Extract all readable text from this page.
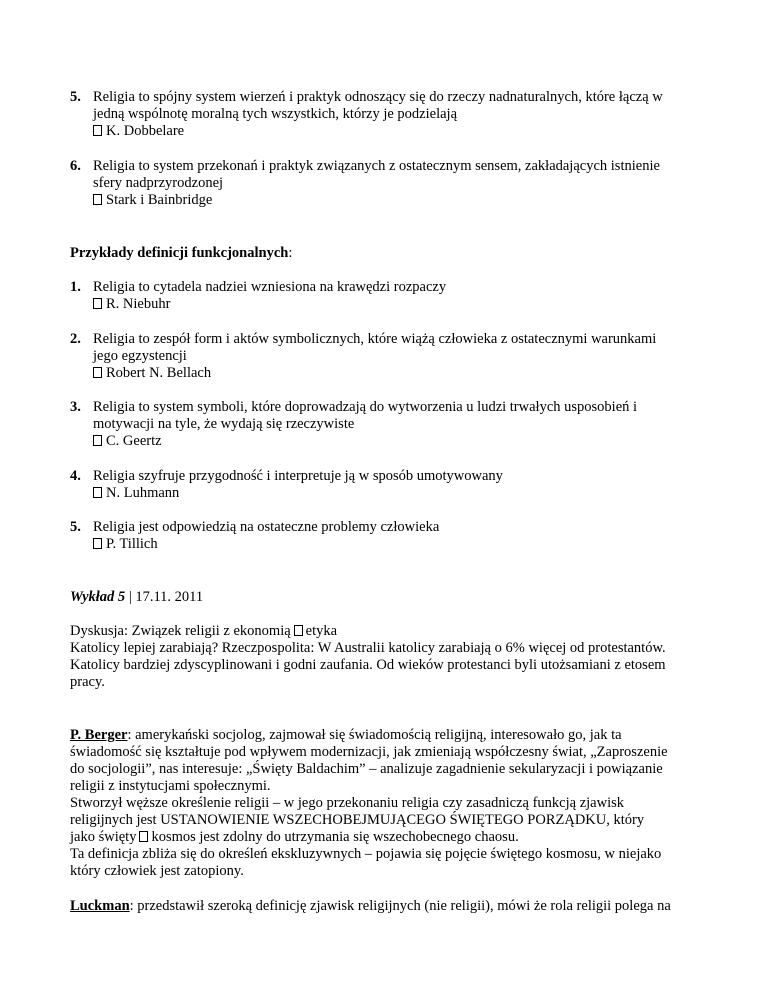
5. Religia to spójny system wierzeń i praktyk odnoszący się do rzeczy nadnaturalnych, które łączą w
jedną wspólnotę moralną tych wszystkich, którzy je podzielają
K. Dobbelare
6. Religia to system przekonań i praktyk związanych z ostatecznym sensem, zakładających istnienie
sfery nadprzyrodzonej
Stark i Bainbridge
Przykłady definicji funkcjonalnych:
1. Religia to cytadela nadziei wzniesiona na krawędzi rozpaczy
R. Niebuhr
2. Religia to zespół form i aktów symbolicznych, które wiążą człowieka z ostatecznymi warunkami
jego egzystencji
Robert N. Bellach
3. Religia to system symboli, które doprowadzają do wytworzenia u ludzi trwałych usposobień i
motywacji na tyle, że wydają się rzeczywiste
C. Geertz
4. Religia szyfruje przygodność i interpretuje ją w sposób umotywowany
N. Luhmann
5. Religia jest odpowiedzią na ostateczne problemy człowieka
P. Tillich
Wykład 5 | 17.11. 2011
Dyskusja: Związek religii z ekonomią etyka
Katolicy lepiej zarabiają? Rzeczpospolita: W Australii katolicy zarabiają o 6% więcej od protestantów.
Katolicy bardziej zdyscyplinowani i godni zaufania. Od wieków protestanci byli utożsamiani z etosem
pracy.
P. Berger: amerykański socjolog, zajmował się świadomością religijną, interesowało go, jak ta
świadomość się kształtuje pod wpływem modernizacji, jak zmieniają współczesny świat, „Zaproszenie
do socjologii”, nas interesuje: „Święty Baldachim” – analizuje zagadnienie sekularyzacji i powiązanie
religii z instytucjami społecznymi.
Stworzył węższe określenie religii – w jego przekonaniu religia czy zasadniczą funkcją zjawisk
religijnych jest USTANOWIENIE WSZECHOBEJMUJĄCEGO ŚWIĘTEGO PORZĄDKU, który
jako święty kosmos jest zdolny do utrzymania się wszechobecnego chaosu.
Ta definicja zbliża się do określeń ekskluzywnych – pojawia się pojęcie świętego kosmosu, w niejako
który człowiek jest zatopiony.
Luckman: przedstawił szeroką definicję zjawisk religijnych (nie religii), mówi że rola religii polega na
